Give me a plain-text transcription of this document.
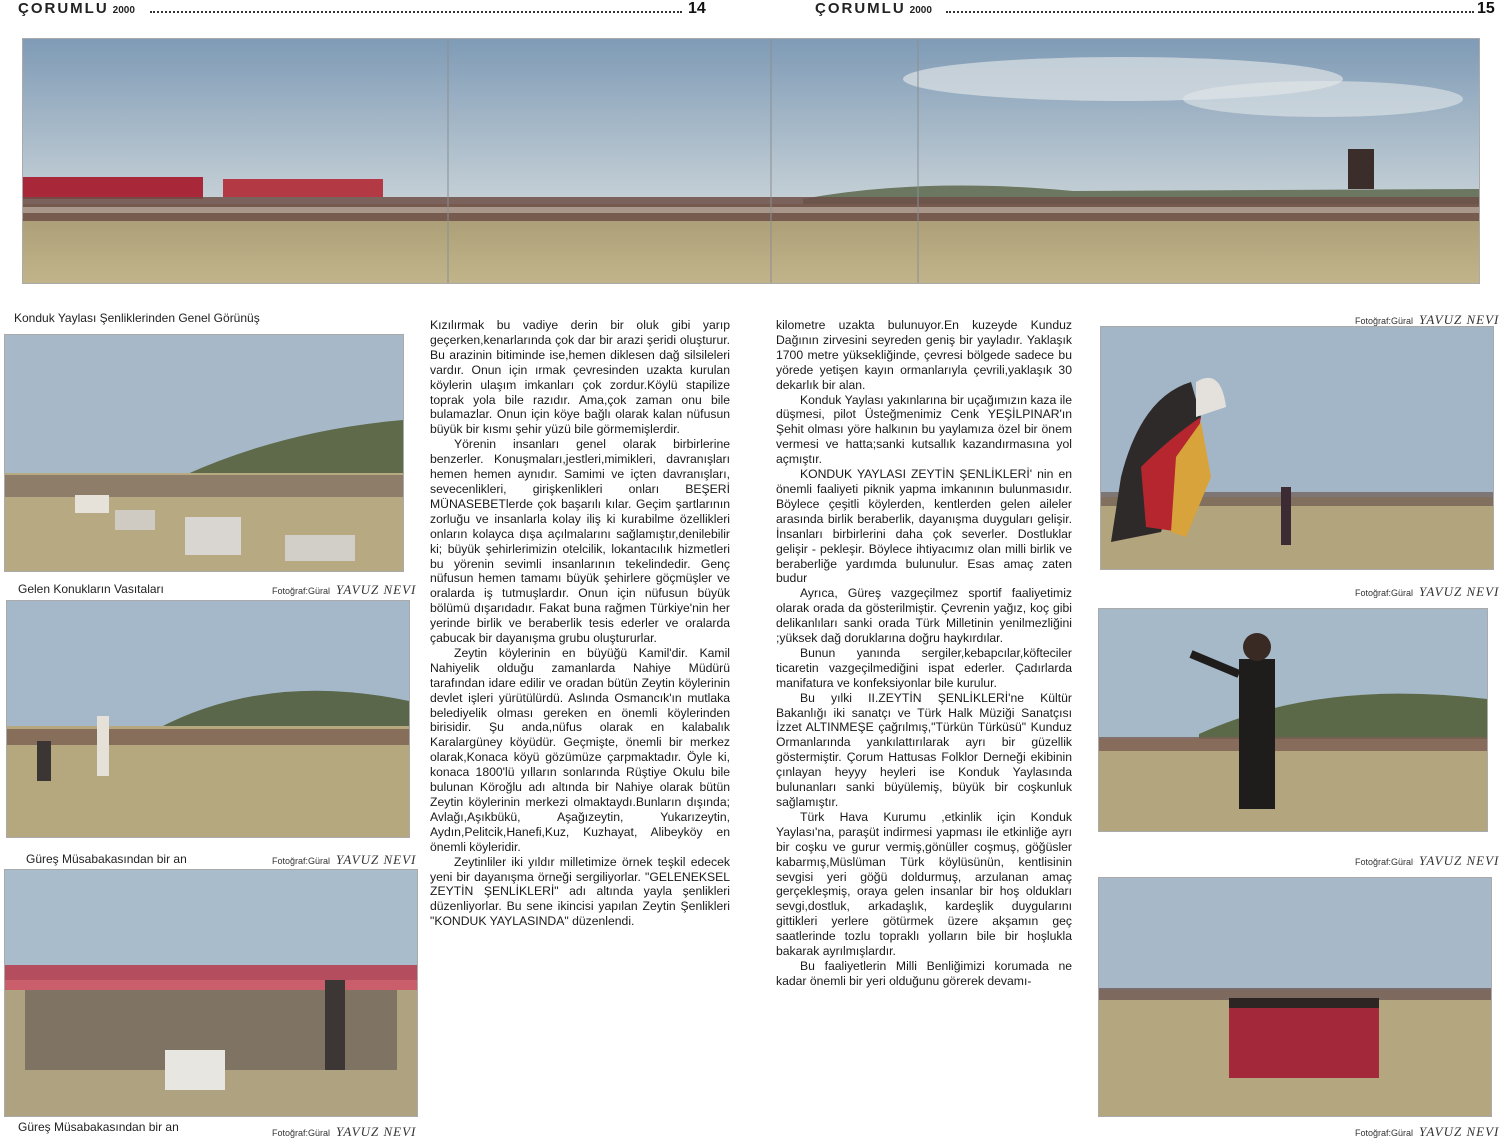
ÇORUMLU 2000	14	ÇORUMLU 2000	15
Konduk Yaylası Şenliklerinden Genel Görünüş
Gelen Konukların Vasıtaları	Fotoğraf:Güral YAVUZ NEVI
Güreş Müsabakasından bir an	Fotoğraf:Güral YAVUZ NEVI
Güreş Müsabakasından bir an	Fotoğraf:Güral YAVUZ NEVI

Kızılırmak bu vadiye derin bir oluk gibi yarıp geçerken,kenarlarında çok dar bir arazi şeridi oluşturur. Bu arazinin bitiminde ise,hemen diklesen dağ silsileleri vardır. Onun için ırmak çevresinden uzakta kurulan köylerin ulaşım imkanları çok zordur.Köylü stapilize toprak yola bile razıdır. Ama,çok zaman onu bile bulamazlar. Onun için köye bağlı olarak kalan nüfusun büyük bir kısmı şehir yüzü bile görmemişlerdir.

Yörenin insanları genel olarak birbirlerine benzerler. Konuşmaları,jestleri,mimikleri, davranışları hemen hemen aynıdır. Samimi ve içten davranışları, sevecenlikleri, girişkenlikleri onları BEŞERİ MÜNASEBETlerde çok başarılı kılar. Geçim şartlarının zorluğu ve insanlarla kolay iliş ki kurabilme özellikleri onların kolayca dışa açılmalarını sağlamıştır,denilebilir ki; büyük şehirlerimizin otelcilik, lokantacılık hizmetleri bu yörenin sevimli insanlarının tekelindedir. Genç nüfusun hemen tamamı büyük şehirlere göçmüşler ve oralarda iş tutmuşlardır. Onun için nüfusun büyük bölümü dışarıdadır. Fakat buna rağmen Türkiye'nin her yerinde birlik ve beraberlik tesis ederler ve oralarda çabucak bir dayanışma grubu oluştururlar.

Zeytin köylerinin en büyüğü Kamil'dir. Kamil Nahiyelik olduğu zamanlarda Nahiye Müdürü tarafından idare edilir ve oradan bütün Zeytin köylerinin devlet işleri yürütülürdü. Aslında Osmancık'ın mutlaka belediyelik olması gereken en önemli köylerinden birisidir. Şu anda,nüfus olarak en kalabalık Karalargüney köyüdür. Geçmişte, önemli bir merkez olarak,Konaca köyü gözümüze çarpmaktadır. Öyle ki, konaca 1800'lü yılların sonlarında Rüştiye Okulu bile bulunan Köroğlu adı altında bir Nahiye olarak bütün Zeytin köylerinin merkezi olmaktaydı.Bunların dışında; Avlağı,Aşıkbükü, Aşağızeytin, Yukarızeytin, Aydın,Pelitcik,Hanefi,Kuz, Kuzhayat, Alibeyköy en önemli köyleridir.

Zeytinliler iki yıldır milletimize örnek teşkil edecek yeni bir dayanışma örneği sergiliyorlar. "GELENEKSEL ZEYTİN ŞENLİKLERİ" adı altında yayla şenlikleri düzenliyorlar. Bu sene ikincisi yapılan Zeytin Şenlikleri "KONDUK YAYLASINDA" düzenlendi.

kilometre uzakta bulunuyor.En kuzeyde Kunduz Dağının zirvesini seyreden geniş bir yayladır. Yaklaşık 1700 metre yüksekliğinde, çevresi bölgede sadece bu yörede yetişen kayın ormanlarıyla çevrili,yaklaşık 30 dekarlık bir alan.

Konduk Yaylası yakınlarına bir uçağımızın kaza ile düşmesi, pilot Üsteğmenimiz Cenk YEŞİLPINAR'ın Şehit olması yöre halkının bu yaylamıza özel bir önem vermesi ve hatta;sanki kutsallık kazandırmasına yol açmıştır.

KONDUK YAYLASI ZEYTİN ŞENLİKLERİ' nin en önemli faaliyeti piknik yapma imkanının bulunmasıdır. Böylece çeşitli köylerden, kentlerden gelen aileler arasında birlik beraberlik, dayanışma duyguları gelişir. İnsanları birbirlerini daha çok severler. Dostluklar gelişir - pekleşir. Böylece ihtiyacımız olan milli birlik ve beraberliğe yardımda bulunulur. Esas amaç zaten budur

Ayrıca, Güreş vazgeçilmez sportif faaliyetimiz olarak orada da gösterilmiştir. Çevrenin yağız, koç gibi delikanlıları sanki orada Türk Milletinin yenilmezliğini ;yüksek dağ doruklarına doğru haykırdılar.

Bunun yanında sergiler,kebapcılar,köfteciler ticaretin vazgeçilmediğini ispat ederler. Çadırlarda manifatura ve konfeksiyonlar bile kurulur.

Bu yılki II.ZEYTİN ŞENLİKLERİ'ne Kültür Bakanlığı iki sanatçı ve Türk Halk Müziği Sanatçısı İzzet ALTINMEŞE çağrılmış,"Türkün Türküsü" Kunduz Ormanlarında yankılattırılarak ayrı bir güzellik göstermiştir. Çorum Hattusas Folklor Derneği ekibinin çınlayan heyyy heyleri ise Konduk Yaylasında bulunanları sanki büyülemiş, büyük bir coşkunluk sağlamıştır.

Türk Hava Kurumu ,etkinlik için Konduk Yaylası'na, paraşüt indirmesi yapması ile etkinliğe ayrı bir coşku ve gurur vermiş,gönüller coşmuş, göğüsler kabarmış,Müslüman Türk köylüsünün, kentlisinin sevgisi yeri göğü doldurmuş, arzulanan amaç gerçekleşmiş, oraya gelen insanlar bir hoş oldukları sevgi,dostluk, arkadaşlık, kardeşlik duygularını gittikleri yerlere götürmek üzere akşamın geç saatlerinde tozlu topraklı yolların bile bir hoşlukla bakarak ayrılmışlardır.

Bu faaliyetlerin Milli Benliğimizi korumada ne kadar önemli bir yeri olduğunu görerek devamı-

Fotoğraf:Güral YAVUZ NEVI
Fotoğraf:Güral YAVUZ NEVI
Fotoğraf:Güral YAVUZ NEVI
Fotoğraf:Güral YAVUZ NEVI
